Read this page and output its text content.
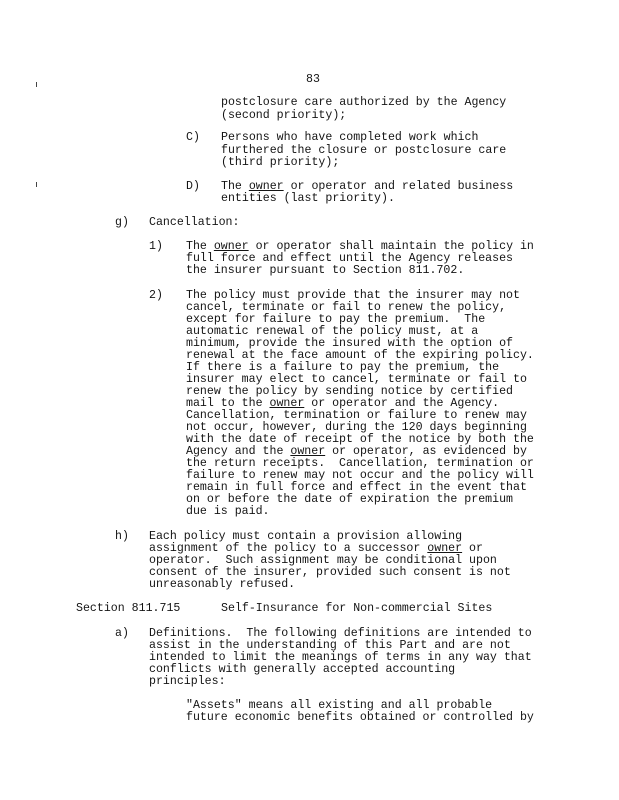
83
postclosure care authorized by the Agency
(second priority);
C) Persons who have completed work which
furthered the closure or postclosure care
(third priority);
D) The owner or operator and related business
entities (last priority).
g) Cancellation:
1) The owner or operator shall maintain the policy in
full force and effect until the Agency releases
the insurer pursuant to Section 811.702.
2) The policy must provide that the insurer may not
cancel, terminate or fail to renew the policy,
except for failure to pay the premium.  The
automatic renewal of the policy must, at a
minimum, provide the insured with the option of
renewal at the face amount of the expiring policy.
If there is a failure to pay the premium, the
insurer may elect to cancel, terminate or fail to
renew the policy by sending notice by certified
mail to the owner or operator and the Agency.
Cancellation, termination or failure to renew may
not occur, however, during the 120 days beginning
with the date of receipt of the notice by both the
Agency and the owner or operator, as evidenced by
the return receipts.  Cancellation, termination or
failure to renew may not occur and the policy will
remain in full force and effect in the event that
on or before the date of expiration the premium
due is paid.
h) Each policy must contain a provision allowing
assignment of the policy to a successor owner or
operator.  Such assignment may be conditional upon
consent of the insurer, provided such consent is not
unreasonably refused.
Section 811.715	Self-Insurance for Non-commercial Sites
a) Definitions.  The following definitions are intended to
assist in the understanding of this Part and are not
intended to limit the meanings of terms in any way that
conflicts with generally accepted accounting
principles:
"Assets" means all existing and all probable
future economic benefits obtained or controlled by
